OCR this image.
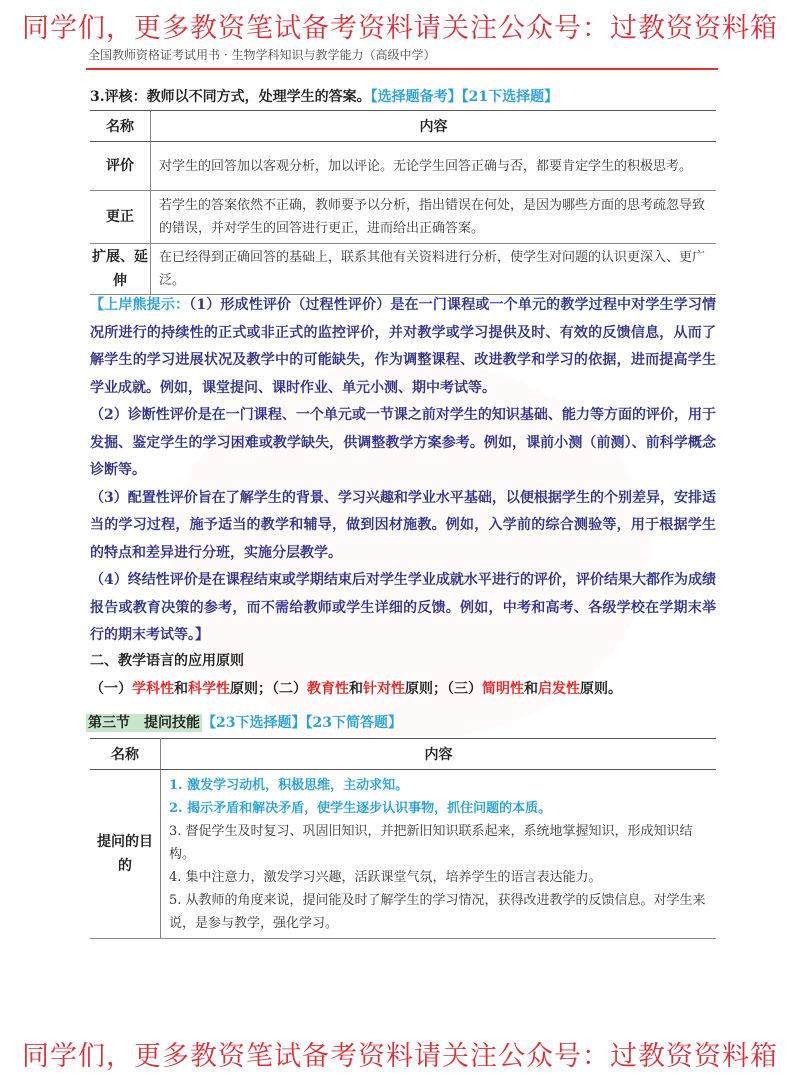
同学们，更多教资笔试备考资料请关注公众号：过教资资料箱
全国教师资格证考试用书 · 生物学科知识与教学能力（高级中学）
3.评核：教师以不同方式，处理学生的答案。【选择题备考】【21下选择题】
名称	内容
评价	对学生的回答加以客观分析，加以评论。无论学生回答正确与否，都要肯定学生的积极思考。
更正	若学生的答案依然不正确，教师要予以分析，指出错误在何处，是因为哪些方面的思考疏忽导致的错误，并对学生的回答进行更正，进而给出正确答案。
扩展、延伸	在已经得到正确回答的基础上，联系其他有关资料进行分析，使学生对问题的认识更深入、更广泛。

【上岸熊提示：（1）形成性评价（过程性评价）是在一门课程或一个单元的教学过程中对学生学习情况所进行的持续性的正式或非正式的监控评价，并对教学或学习提供及时、有效的反馈信息，从而了解学生的学习进展状况及教学中的可能缺失，作为调整课程、改进教学和学习的依据，进而提高学生学业成就。例如，课堂提问、课时作业、单元小测、期中考试等。

（2）诊断性评价是在一门课程、一个单元或一节课之前对学生的知识基础、能力等方面的评价，用于发掘、鉴定学生的学习困难或教学缺失，供调整教学方案参考。例如，课前小测（前测）、前科学概念诊断等。

（3）配置性评价旨在了解学生的背景、学习兴趣和学业水平基础，以便根据学生的个别差异，安排适当的学习过程，施予适当的教学和辅导，做到因材施教。例如，入学前的综合测验等，用于根据学生的特点和差异进行分班，实施分层教学。

（4）终结性评价是在课程结束或学期结束后对学生学业成就水平进行的评价，评价结果大都作为成绩报告或教育决策的参考，而不需给教师或学生详细的反馈。例如，中考和高考、各级学校在学期末举行的期末考试等。】

二、教学语言的应用原则
（一）学科性和科学性原则；（二）教育性和针对性原则；（三）简明性和启发性原则。
第三节　提问技能 【23下选择题】【23下简答题】
名称	内容
提问的目的	1. 激发学习动机，积极思维，主动求知。
2. 揭示矛盾和解决矛盾，使学生逐步认识事物，抓住问题的本质。
3. 督促学生及时复习、巩固旧知识，并把新旧知识联系起来，系统地掌握知识，形成知识结构。
4. 集中注意力，激发学习兴趣，活跃课堂气氛，培养学生的语言表达能力。
5. 从教师的角度来说，提问能及时了解学生的学习情况，获得改进教学的反馈信息。对学生来说，是参与教学，强化学习。
同学们，更多教资笔试备考资料请关注公众号：过教资资料箱
